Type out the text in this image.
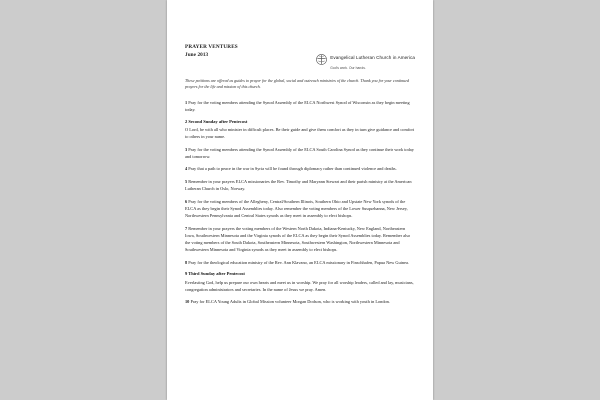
PRAYER VENTURES
June 2013	Evangelical Lutheran Church in America
God's work. Our hands.
These petitions are offered as guides to prayer for the global, social and outreach ministries of the church. Thank you for your continued prayers for the life and mission of this church.
1 Pray for the voting members attending the Synod Assembly of the ELCA Northwest Synod of Wisconsin as they begin meeting today.
2 Second Sunday after Pentecost
O Lord, be with all who minister in difficult places. Be their guide and give them comfort as they in turn give guidance and comfort to others in your name.
3 Pray for the voting members attending the Synod Assembly of the ELCA South Carolina Synod as they continue their work today and tomorrow.
4 Pray that a path to peace in the war in Syria will be found through diplomacy rather than continued violence and deaths.
5 Remember in your prayers ELCA missionaries the Rev. Timothy and Maryann Stewart and their parish ministry at the American Lutheran Church in Oslo, Norway.
6 Pray for the voting members of the Allegheny, Central/Southern Illinois, Southern Ohio and Upstate New York synods of the ELCA as they begin their Synod Assemblies today. Also remember the voting members of the Lower Susquehanna, New Jersey, Northwestern Pennsylvania and Central States synods as they meet in assembly to elect bishops.
7 Remember in your prayers the voting members of the Western North Dakota, Indiana-Kentucky, New England, Northeastern Iowa, Southwestern Minnesota and the Virginia synods of the ELCA as they begin their Synod Assemblies today. Remember also the voting members of the South Dakota, Southeastern Minnesota, Southwestern Washington, Northwestern Minnesota and Southwestern Minnesota and Virginia synods as they meet in assembly to elect bishops.
8 Pray for the theological education ministry of the Rev. Ann Klavano, an ELCA missionary in Finschhafen, Papua New Guinea.
9 Third Sunday after Pentecost
Everlasting God, help us prepare our own hearts and meet us in worship. We pray for all worship leaders, called and lay, musicians, congregation administrators and secretaries. In the name of Jesus we pray. Amen.
10 Pray for ELCA Young Adults in Global Mission volunteer Morgan Dodson, who is working with youth in London.
